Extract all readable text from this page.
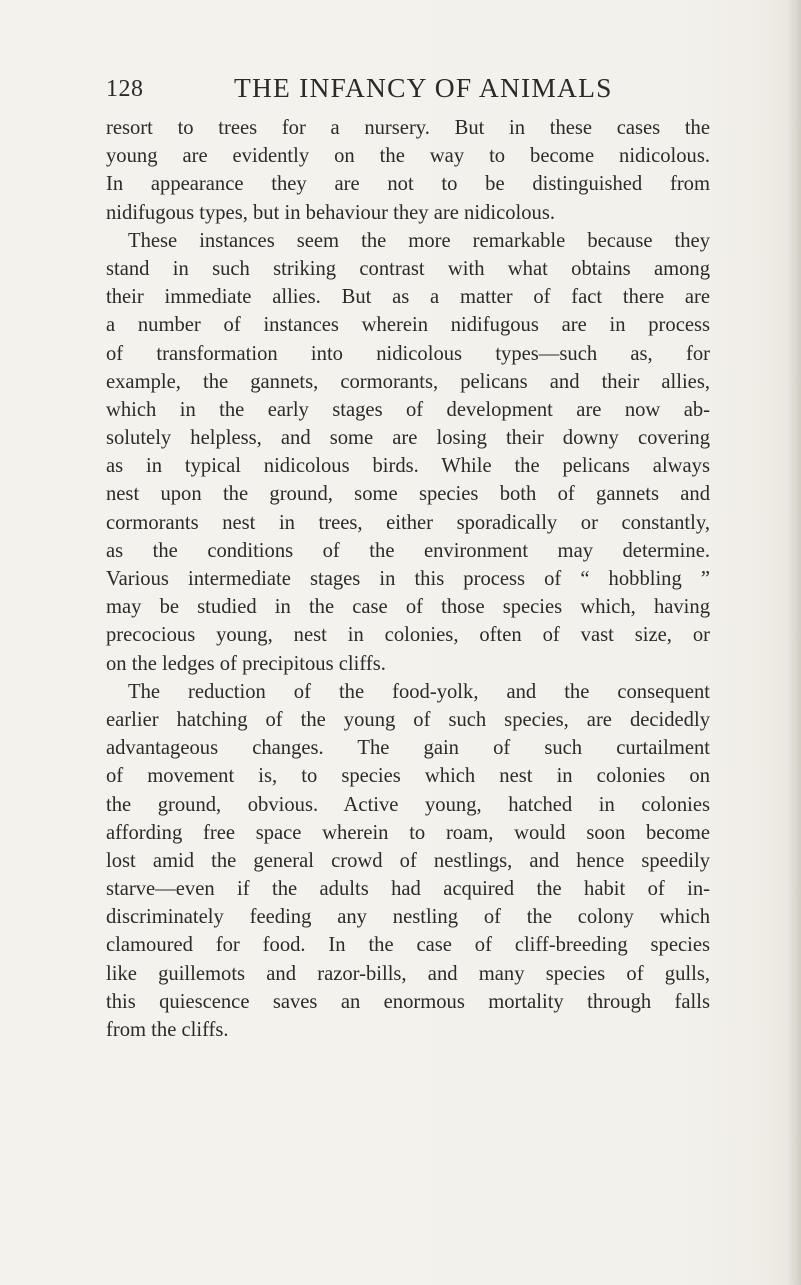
128	THE INFANCY OF ANIMALS
resort to trees for a nursery. But in these cases the
young are evidently on the way to become nidicolous.
In appearance they are not to be distinguished from
nidifugous types, but in behaviour they are nidicolous.
These instances seem the more remarkable because they
stand in such striking contrast with what obtains among
their immediate allies. But as a matter of fact there are
a number of instances wherein nidifugous are in process
of transformation into nidicolous types—such as, for
example, the gannets, cormorants, pelicans and their allies,
which in the early stages of development are now ab-
solutely helpless, and some are losing their downy covering
as in typical nidicolous birds. While the pelicans always
nest upon the ground, some species both of gannets and
cormorants nest in trees, either sporadically or constantly,
as the conditions of the environment may determine.
Various intermediate stages in this process of “ hobbling ”
may be studied in the case of those species which, having
precocious young, nest in colonies, often of vast size, or
on the ledges of precipitous cliffs.
The reduction of the food-yolk, and the consequent
earlier hatching of the young of such species, are decidedly
advantageous changes. The gain of such curtailment
of movement is, to species which nest in colonies on
the ground, obvious. Active young, hatched in colonies
affording free space wherein to roam, would soon become
lost amid the general crowd of nestlings, and hence speedily
starve—even if the adults had acquired the habit of in-
discriminately feeding any nestling of the colony which
clamoured for food. In the case of cliff-breeding species
like guillemots and razor-bills, and many species of gulls,
this quiescence saves an enormous mortality through falls
from the cliffs.
